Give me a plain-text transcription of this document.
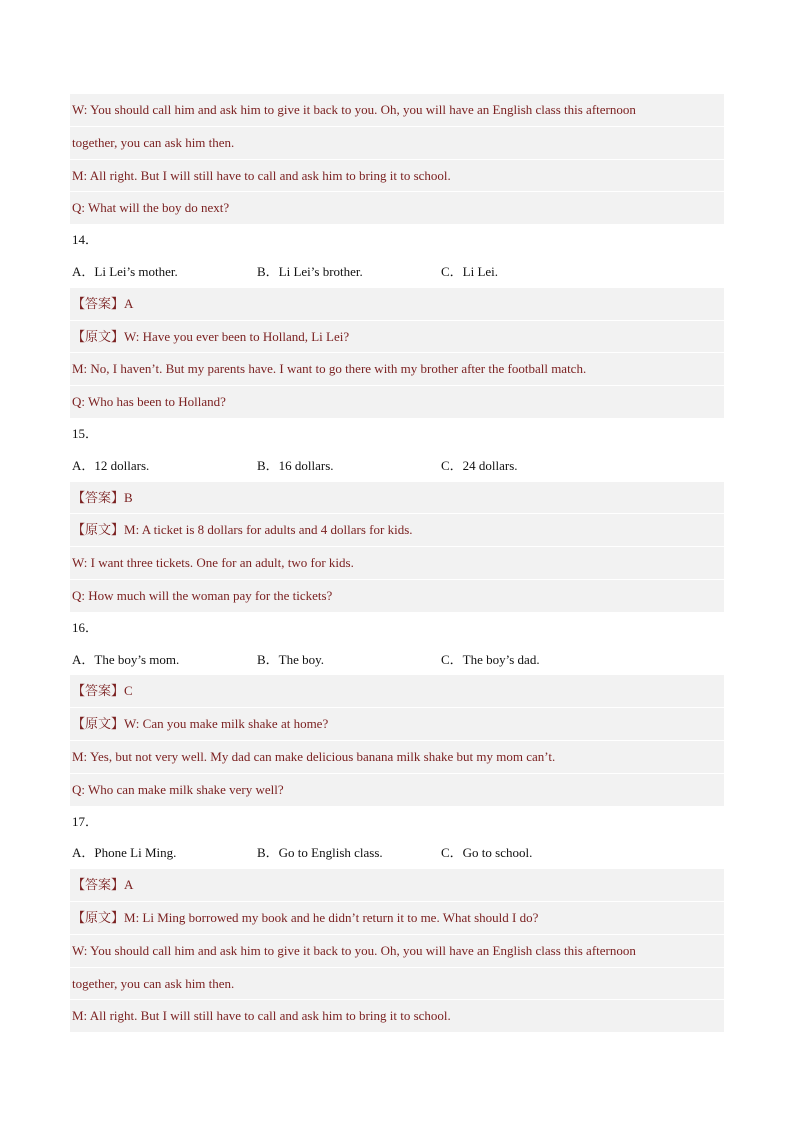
W: You should call him and ask him to give it back to you. Oh, you will have an English class this afternoon
together, you can ask him then.
M: All right. But I will still have to call and ask him to bring it to school.
Q: What will the boy do next?
14．
A．Li Lei’s mother.	B．Li Lei’s brother.	C．Li Lei.
【答案】A
【原文】W: Have you ever been to Holland, Li Lei?
M: No, I haven’t. But my parents have. I want to go there with my brother after the football match.
Q: Who has been to Holland?
15．
A．12 dollars.	B．16 dollars.	C．24 dollars.
【答案】B
【原文】M: A ticket is 8 dollars for adults and 4 dollars for kids.
W: I want three tickets. One for an adult, two for kids.
Q: How much will the woman pay for the tickets?
16．
A．The boy’s mom.	B．The boy.	C．The boy’s dad.
【答案】C
【原文】W: Can you make milk shake at home?
M: Yes, but not very well. My dad can make delicious banana milk shake but my mom can’t.
Q: Who can make milk shake very well?
17．
A．Phone Li Ming.	B．Go to English class.	C．Go to school.
【答案】A
【原文】M: Li Ming borrowed my book and he didn’t return it to me. What should I do?
W: You should call him and ask him to give it back to you. Oh, you will have an English class this afternoon
together, you can ask him then.
M: All right. But I will still have to call and ask him to bring it to school.
